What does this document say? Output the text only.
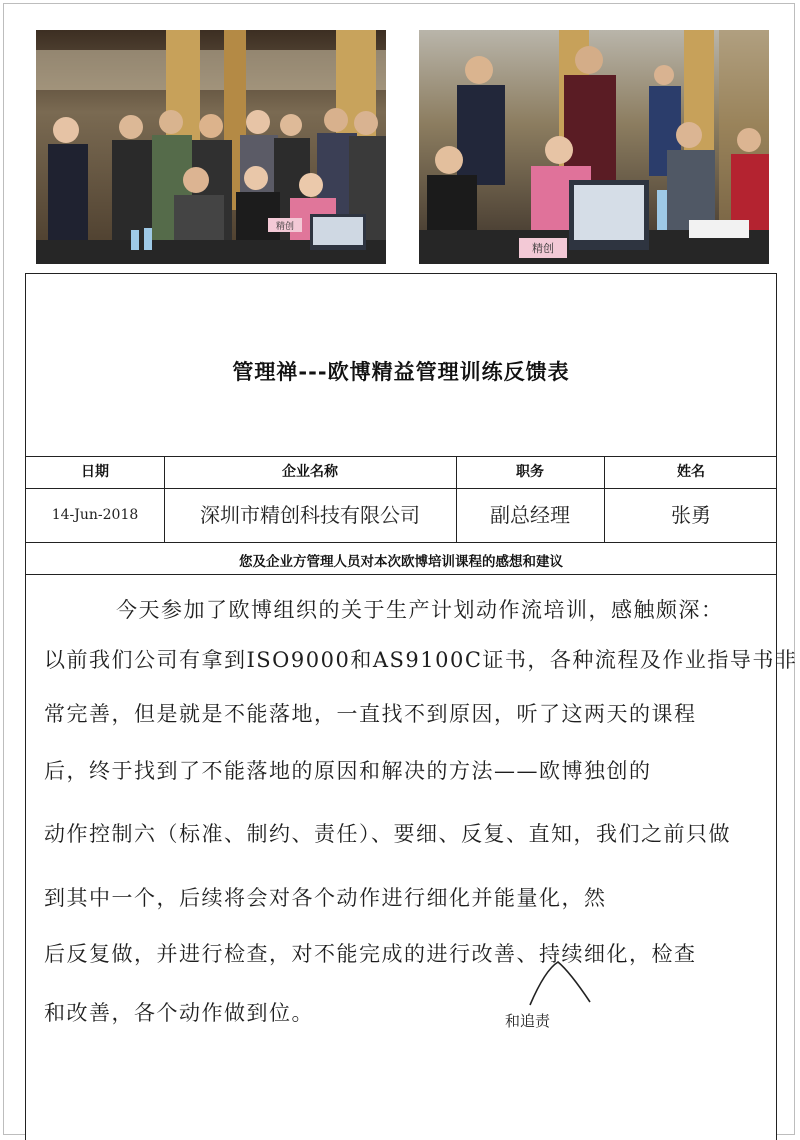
精创
精创
管理禅---欧博精益管理训练反馈表
日期	企业名称	职务	姓名
14-Jun-2018	深圳市精创科技有限公司	副总经理	张勇
您及企业方管理人员对本次欧博培训课程的感想和建议
今天参加了欧博组织的关于生产计划动作流培训，感触颇深：
以前我们公司有拿到ISO9000和AS9100C证书，各种流程及作业指导书非
常完善，但是就是不能落地，一直找不到原因，听了这两天的课程
后，终于找到了不能落地的原因和解决的方法——欧博独创的
动作控制六（标准、制约、责任）、要细、反复、直知，我们之前只做
到其中一个，后续将会对各个动作进行细化并能量化，然
后反复做，并进行检查，对不能完成的进行改善、持续细化，检查
和改善，各个动作做到位。	和追责
